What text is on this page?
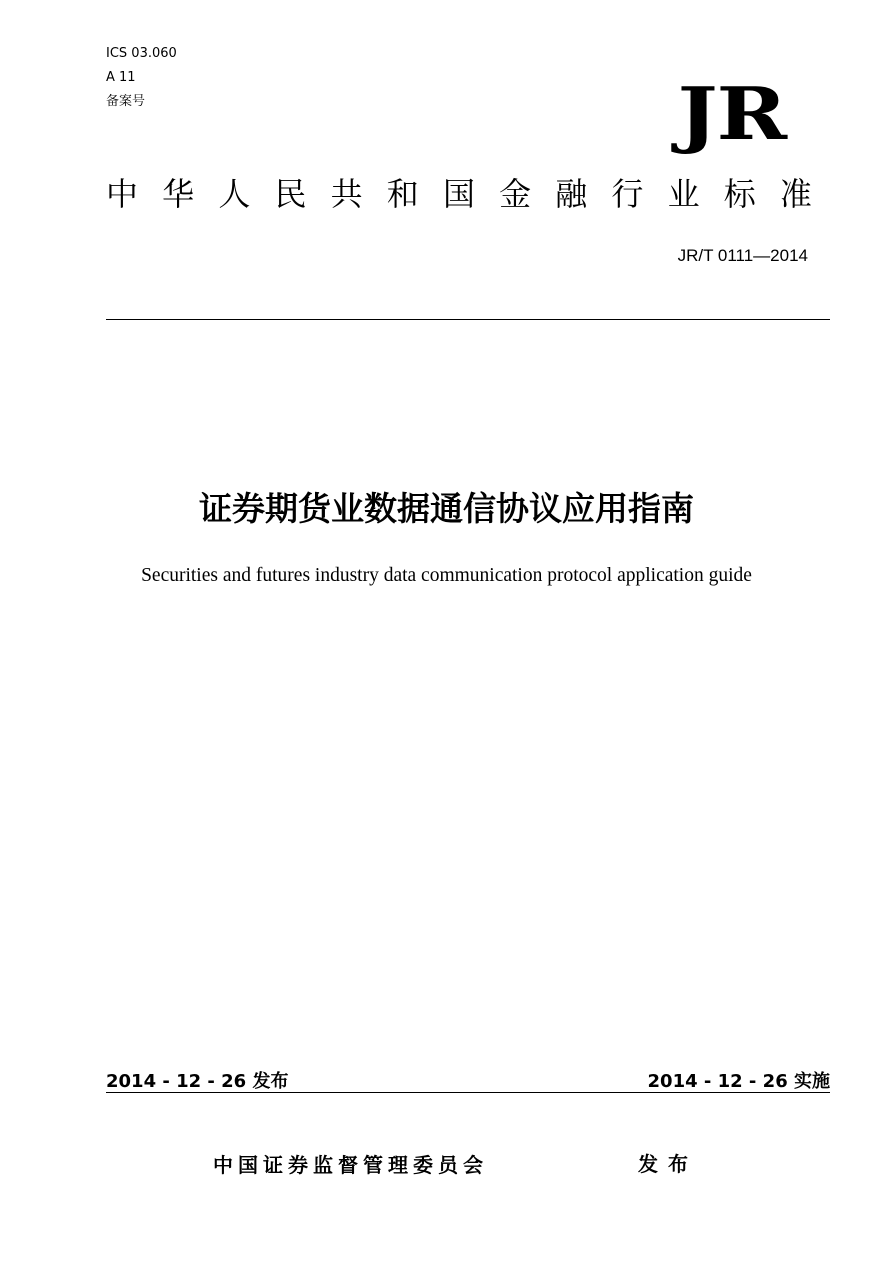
ICS 03.060
A 11
备案号	JR
中 华 人 民 共 和 国 金 融 行 业 标 准
JR/T 0111—2014
证券期货业数据通信协议应用指南
Securities and futures industry data communication protocol application guide
2014 - 12 - 26 发布	2014 - 12 - 26 实施
中国证券监督管理委员会	发布
